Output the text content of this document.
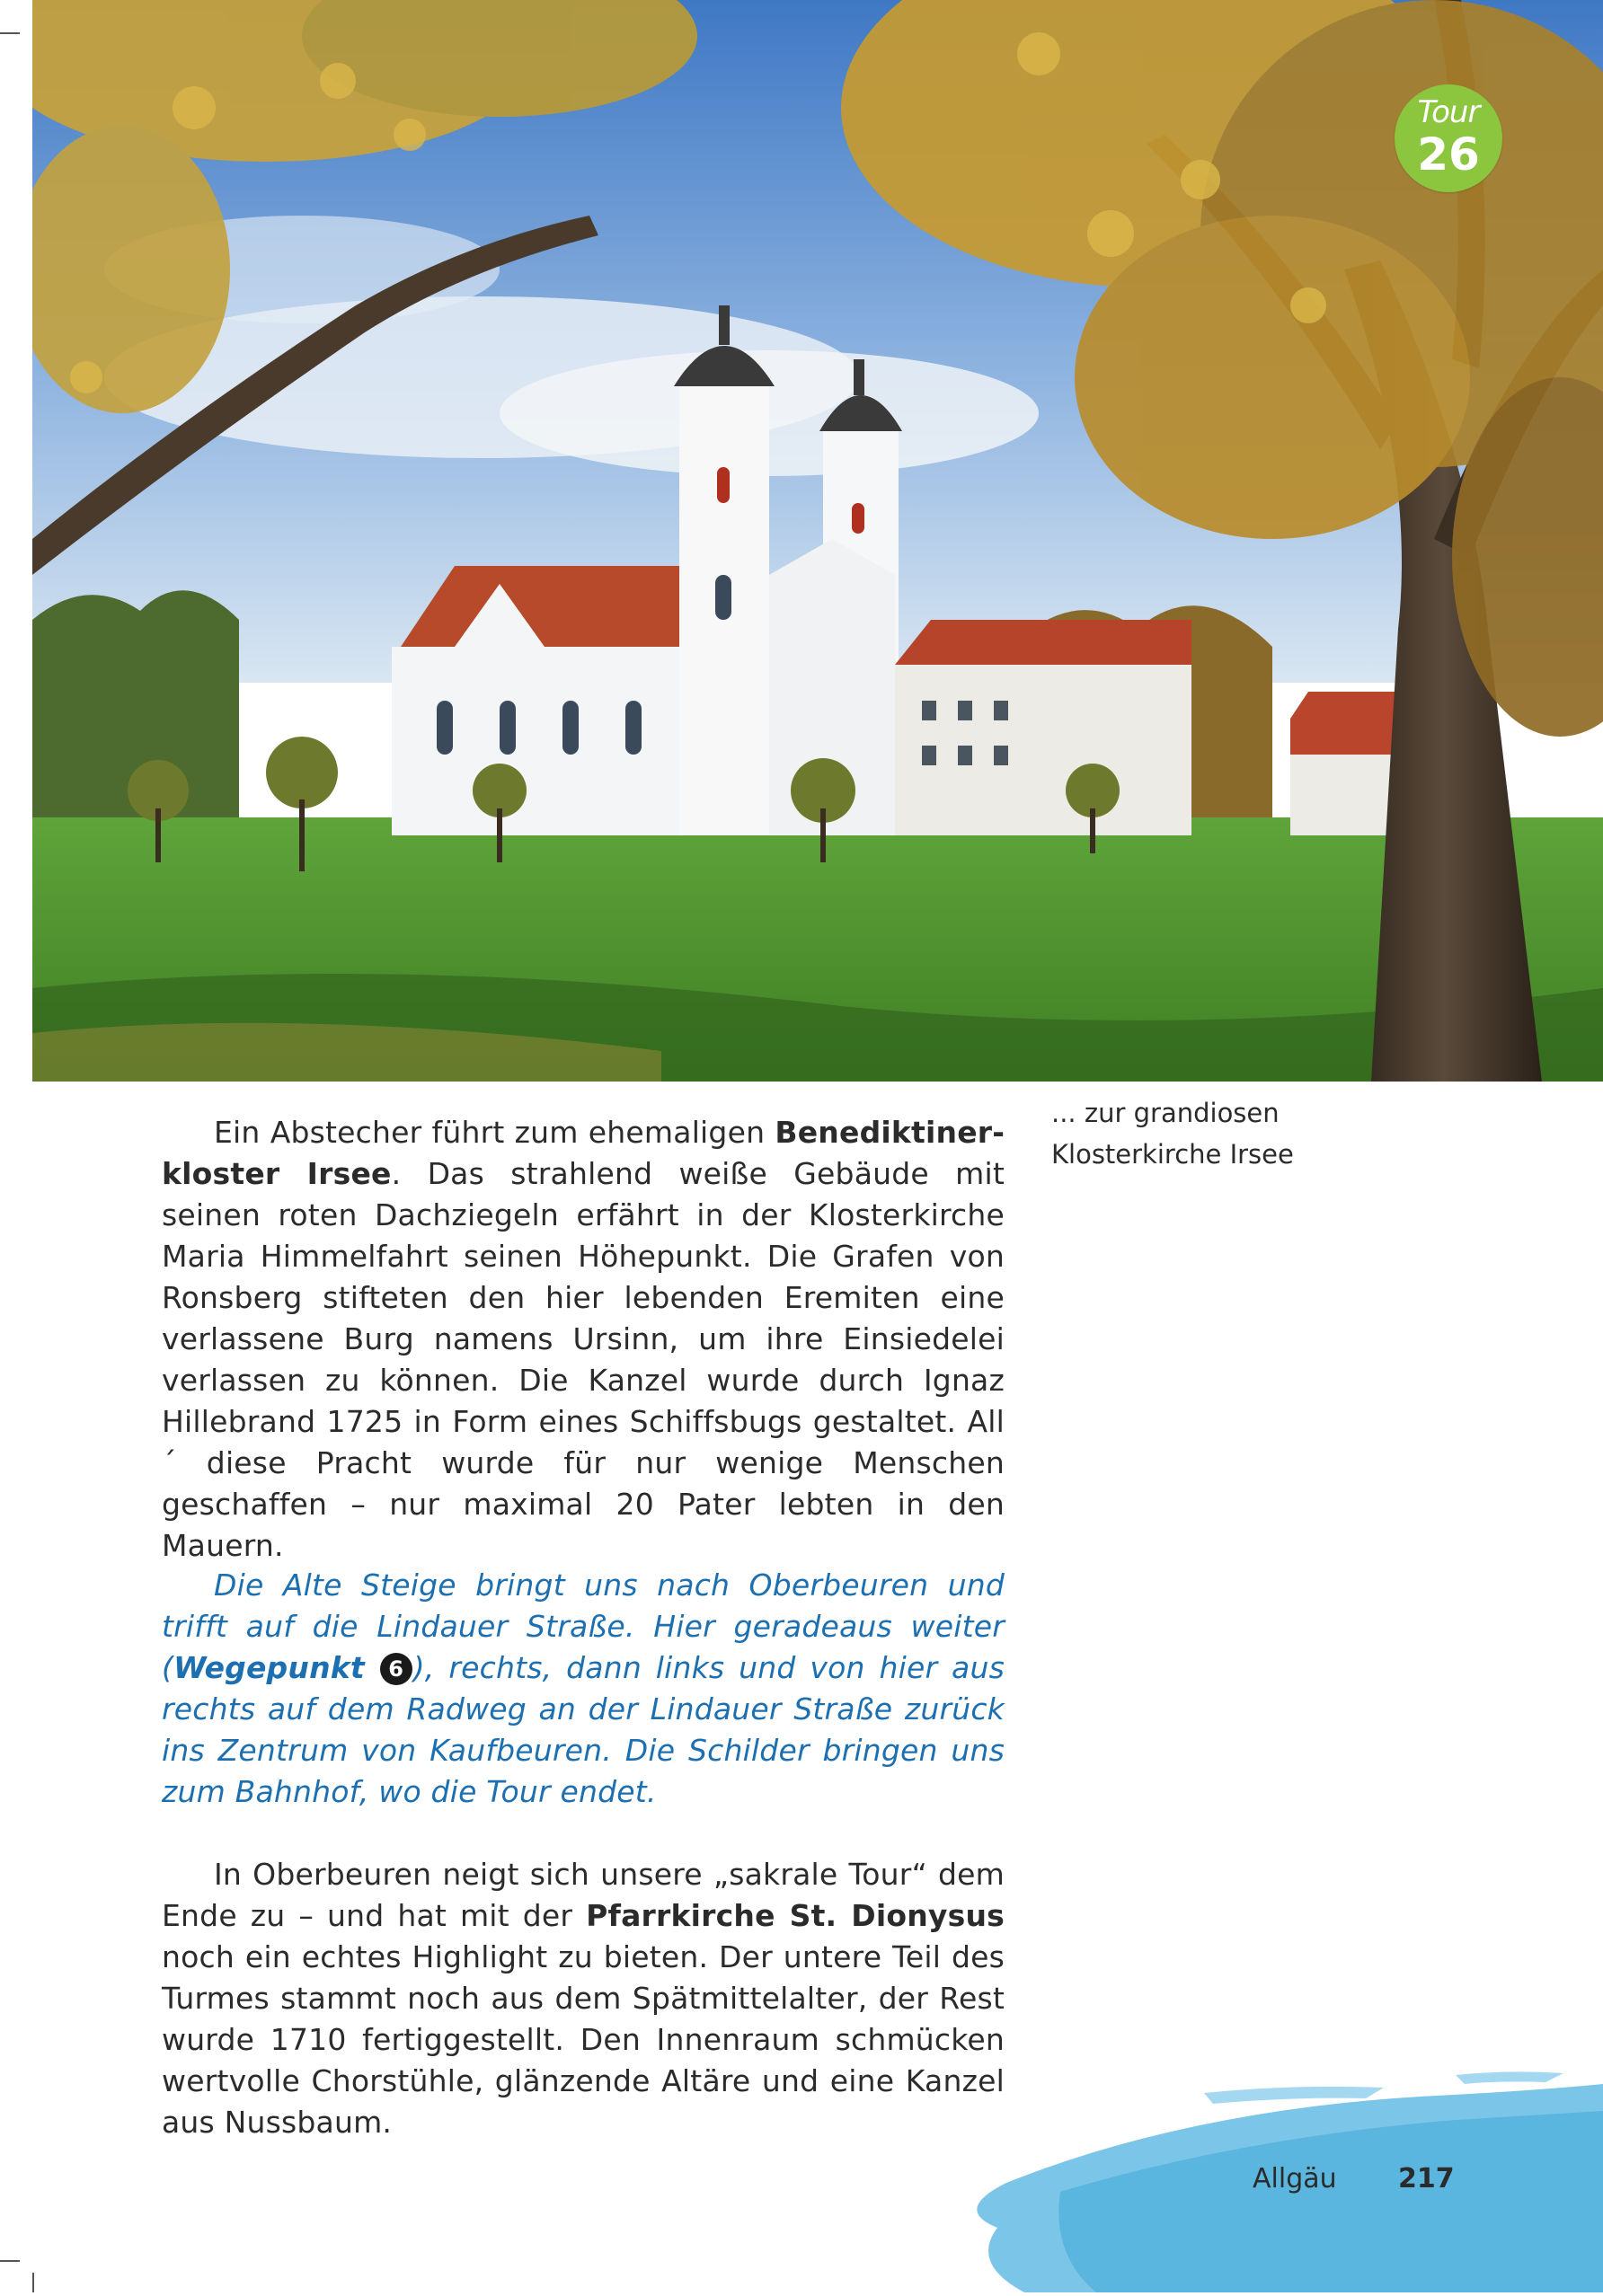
Tour
26
... zur grandiosen
Klosterkirche Irsee

Ein Abstecher führt zum ehemaligen Benediktinerkloster Irsee. Das strahlend weiße Gebäude mit seinen roten Dachziegeln erfährt in der Klosterkirche Maria Himmelfahrt seinen Höhepunkt. Die Grafen von Ronsberg stifteten den hier lebenden Eremiten eine verlassene Burg namens Ursinn, um ihre Einsiedelei verlassen zu können. Die Kanzel wurde durch Ignaz Hillebrand 1725 in Form eines Schiffsbugs gestaltet. All´ diese Pracht wurde für nur wenige Menschen geschaffen – nur maximal 20 Pater lebten in den Mauern.

Die Alte Steige bringt uns nach Oberbeuren und trifft auf die Lindauer Straße. Hier geradeaus weiter (Wegepunkt 6 ), rechts, dann links und von hier aus rechts auf dem Radweg an der Lindauer Straße zurück ins Zentrum von Kaufbeuren. Die Schilder bringen uns zum Bahnhof, wo die Tour endet.

In Oberbeuren neigt sich unsere „sakrale Tour“ dem Ende zu – und hat mit der Pfarrkirche St. Dionysus noch ein echtes Highlight zu bieten. Der untere Teil des Turmes stammt noch aus dem Spätmittelalter, der Rest wurde 1710 fertiggestellt. Den Innenraum schmücken wertvolle Chorstühle, glänzende Altäre und eine Kanzel aus Nussbaum.

Allgäu 217
